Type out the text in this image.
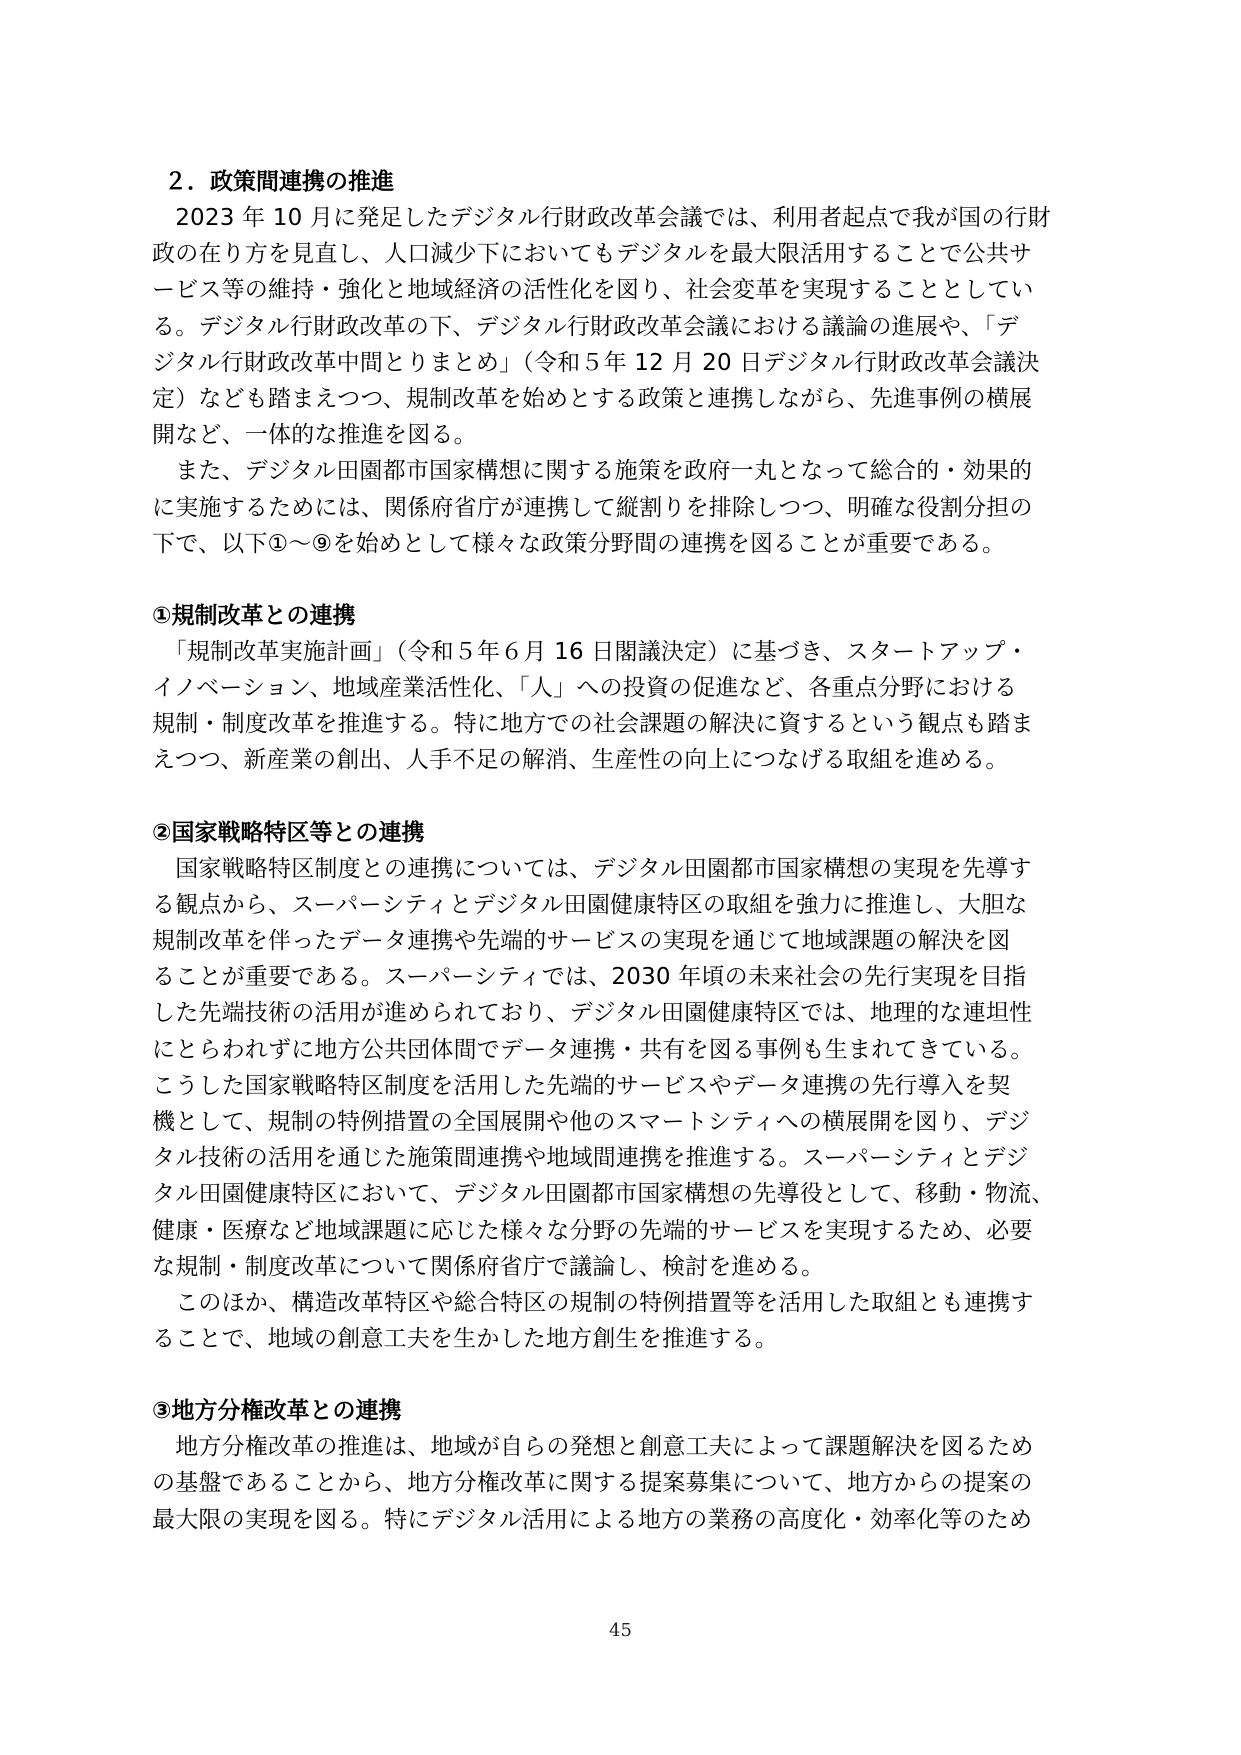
２．政策間連携の推進
　2023 年 10 月に発足したデジタル行財政改革会議では、利用者起点で我が国の行財
政の在り方を見直し、人口減少下においてもデジタルを最大限活用することで公共サ
ービス等の維持・強化と地域経済の活性化を図り、社会変革を実現することとしてい
る。デジタル行財政改革の下、デジタル行財政改革会議における議論の進展や、「デ
ジタル行財政改革中間とりまとめ」（令和５年 12 月 20 日デジタル行財政改革会議決
定）なども踏まえつつ、規制改革を始めとする政策と連携しながら、先進事例の横展
開など、一体的な推進を図る。
　また、デジタル田園都市国家構想に関する施策を政府一丸となって総合的・効果的
に実施するためには、関係府省庁が連携して縦割りを排除しつつ、明確な役割分担の
下で、以下①～⑨を始めとして様々な政策分野間の連携を図ることが重要である。
①規制改革との連携
　「規制改革実施計画」（令和５年６月 16 日閣議決定）に基づき、スタートアップ・
イノベーション、地域産業活性化、「人」への投資の促進など、各重点分野における
規制・制度改革を推進する。特に地方での社会課題の解決に資するという観点も踏ま
えつつ、新産業の創出、人手不足の解消、生産性の向上につなげる取組を進める。
②国家戦略特区等との連携
　国家戦略特区制度との連携については、デジタル田園都市国家構想の実現を先導す
る観点から、スーパーシティとデジタル田園健康特区の取組を強力に推進し、大胆な
規制改革を伴ったデータ連携や先端的サービスの実現を通じて地域課題の解決を図
ることが重要である。スーパーシティでは、2030 年頃の未来社会の先行実現を目指
した先端技術の活用が進められており、デジタル田園健康特区では、地理的な連坦性
にとらわれずに地方公共団体間でデータ連携・共有を図る事例も生まれてきている。
こうした国家戦略特区制度を活用した先端的サービスやデータ連携の先行導入を契
機として、規制の特例措置の全国展開や他のスマートシティへの横展開を図り、デジ
タル技術の活用を通じた施策間連携や地域間連携を推進する。スーパーシティとデジ
タル田園健康特区において、デジタル田園都市国家構想の先導役として、移動・物流、
健康・医療など地域課題に応じた様々な分野の先端的サービスを実現するため、必要
な規制・制度改革について関係府省庁で議論し、検討を進める。
　このほか、構造改革特区や総合特区の規制の特例措置等を活用した取組とも連携す
ることで、地域の創意工夫を生かした地方創生を推進する。
③地方分権改革との連携
　地方分権改革の推進は、地域が自らの発想と創意工夫によって課題解決を図るため
の基盤であることから、地方分権改革に関する提案募集について、地方からの提案の
最大限の実現を図る。特にデジタル活用による地方の業務の高度化・効率化等のため
45
